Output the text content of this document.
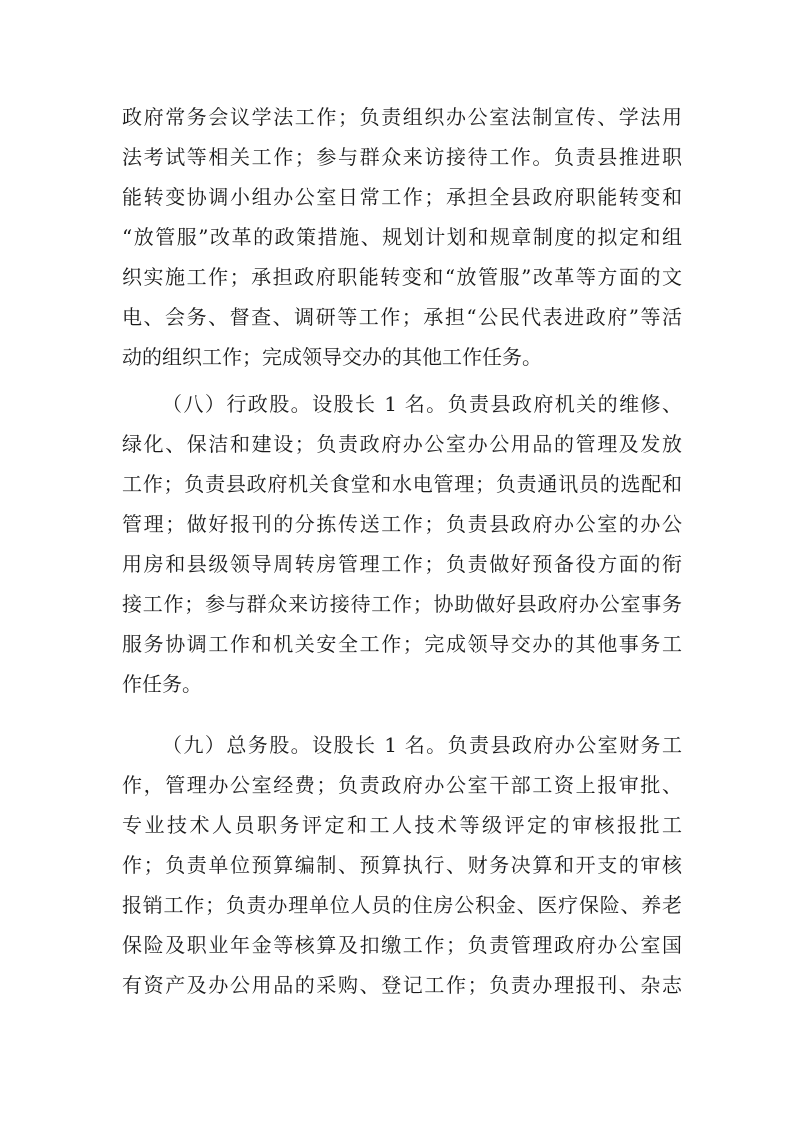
政府常务会议学法工作；负责组织办公室法制宣传、学法用
法考试等相关工作；参与群众来访接待工作。负责县推进职
能转变协调小组办公室日常工作；承担全县政府职能转变和
“放管服”改革的政策措施、规划计划和规章制度的拟定和组
织实施工作；承担政府职能转变和“放管服”改革等方面的文
电、会务、督查、调研等工作；承担“公民代表进政府”等活
动的组织工作；完成领导交办的其他工作任务。
（八）行政股。设股长 1 名。负责县政府机关的维修、
绿化、保洁和建设；负责政府办公室办公用品的管理及发放
工作；负责县政府机关食堂和水电管理；负责通讯员的选配和
管理；做好报刊的分拣传送工作；负责县政府办公室的办公
用房和县级领导周转房管理工作；负责做好预备役方面的衔
接工作；参与群众来访接待工作；协助做好县政府办公室事务
服务协调工作和机关安全工作；完成领导交办的其他事务工
作任务。
（九）总务股。设股长 1 名。负责县政府办公室财务工
作，管理办公室经费；负责政府办公室干部工资上报审批、
专业技术人员职务评定和工人技术等级评定的审核报批工
作；负责单位预算编制、预算执行、财务决算和开支的审核
报销工作；负责办理单位人员的住房公积金、医疗保险、养老
保险及职业年金等核算及扣缴工作；负责管理政府办公室国
有资产及办公用品的采购、登记工作；负责办理报刊、杂志
